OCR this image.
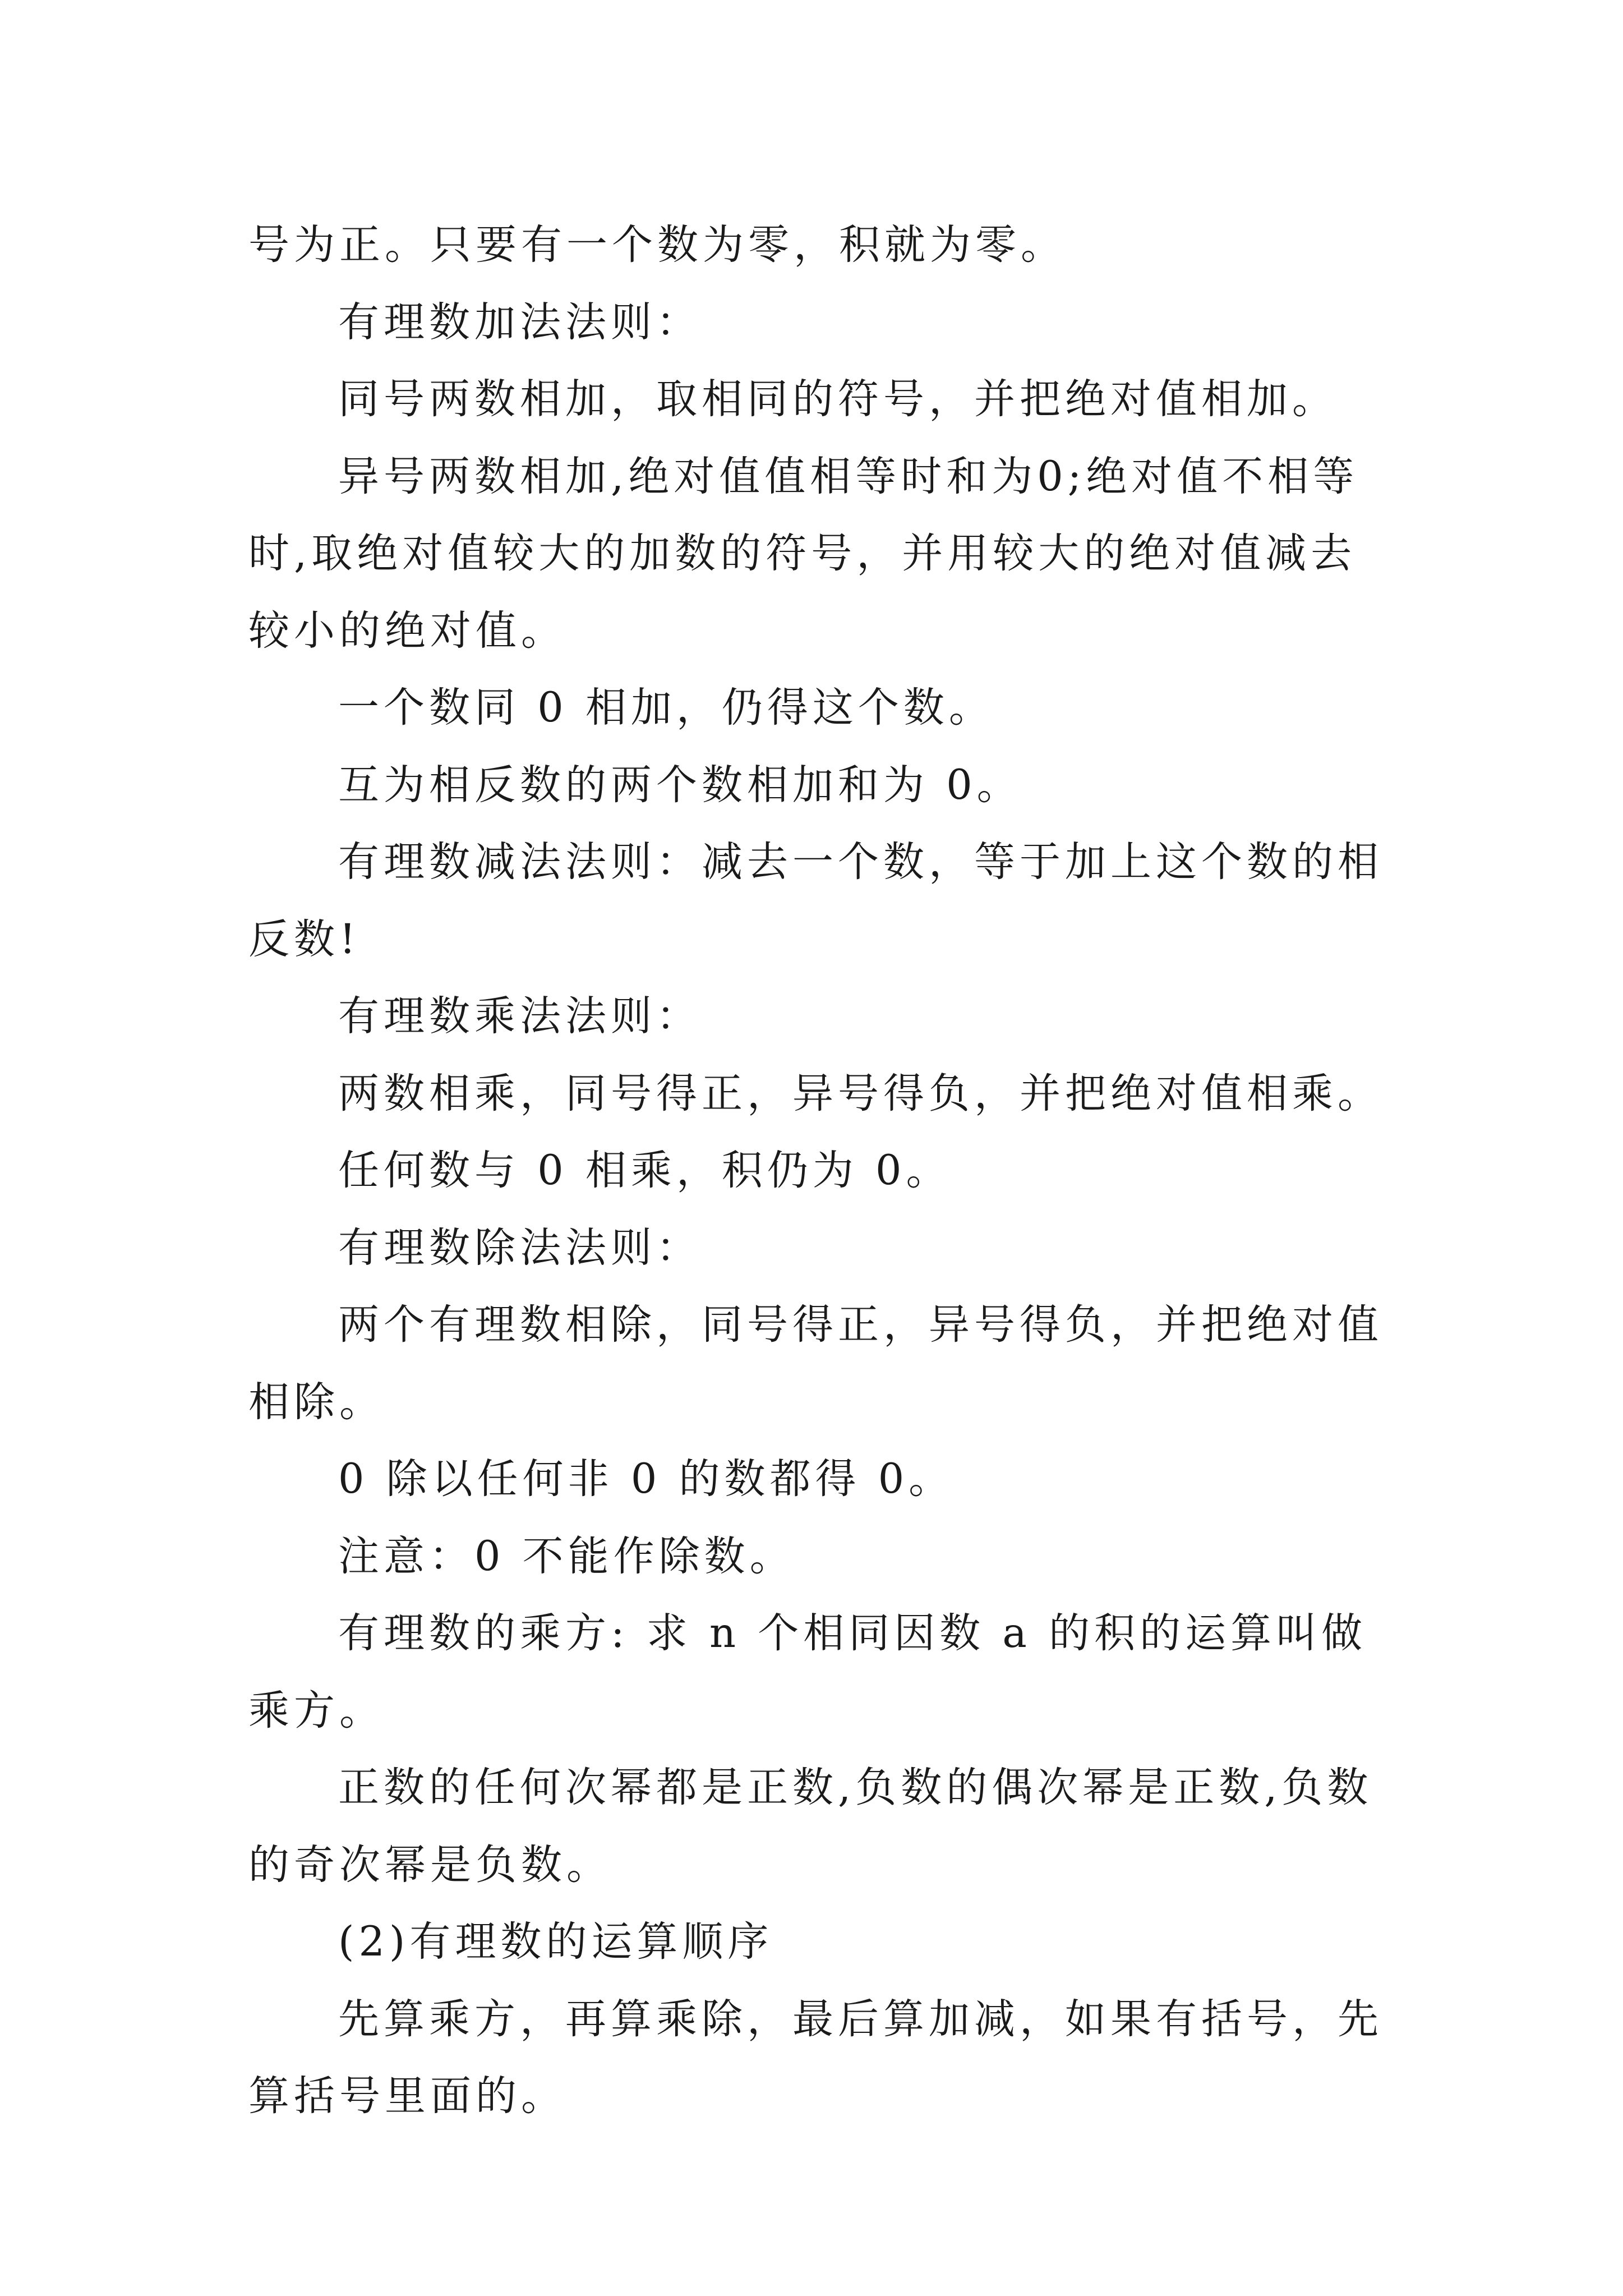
号为正。只要有一个数为零，积就为零。

有理数加法法则：

同号两数相加，取相同的符号，并把绝对值相加。

异号两数相加,绝对值值相等时和为0;绝对值不相等时,取绝对值较大的加数的符号，并用较大的绝对值减去较小的绝对值。

一个数同 0 相加，仍得这个数。

互为相反数的两个数相加和为 0。

有理数减法法则：减去一个数，等于加上这个数的相反数!

有理数乘法法则：

两数相乘，同号得正，异号得负，并把绝对值相乘。

任何数与 0 相乘，积仍为 0。

有理数除法法则：

两个有理数相除，同号得正，异号得负，并把绝对值相除。

0 除以任何非 0 的数都得 0。

注意：0 不能作除数。

有理数的乘方: 求 n 个相同因数 a 的积的运算叫做乘方。

正数的任何次幂都是正数,负数的偶次幂是正数,负数的奇次幂是负数。

(2)有理数的运算顺序

先算乘方，再算乘除，最后算加减，如果有括号，先算括号里面的。
